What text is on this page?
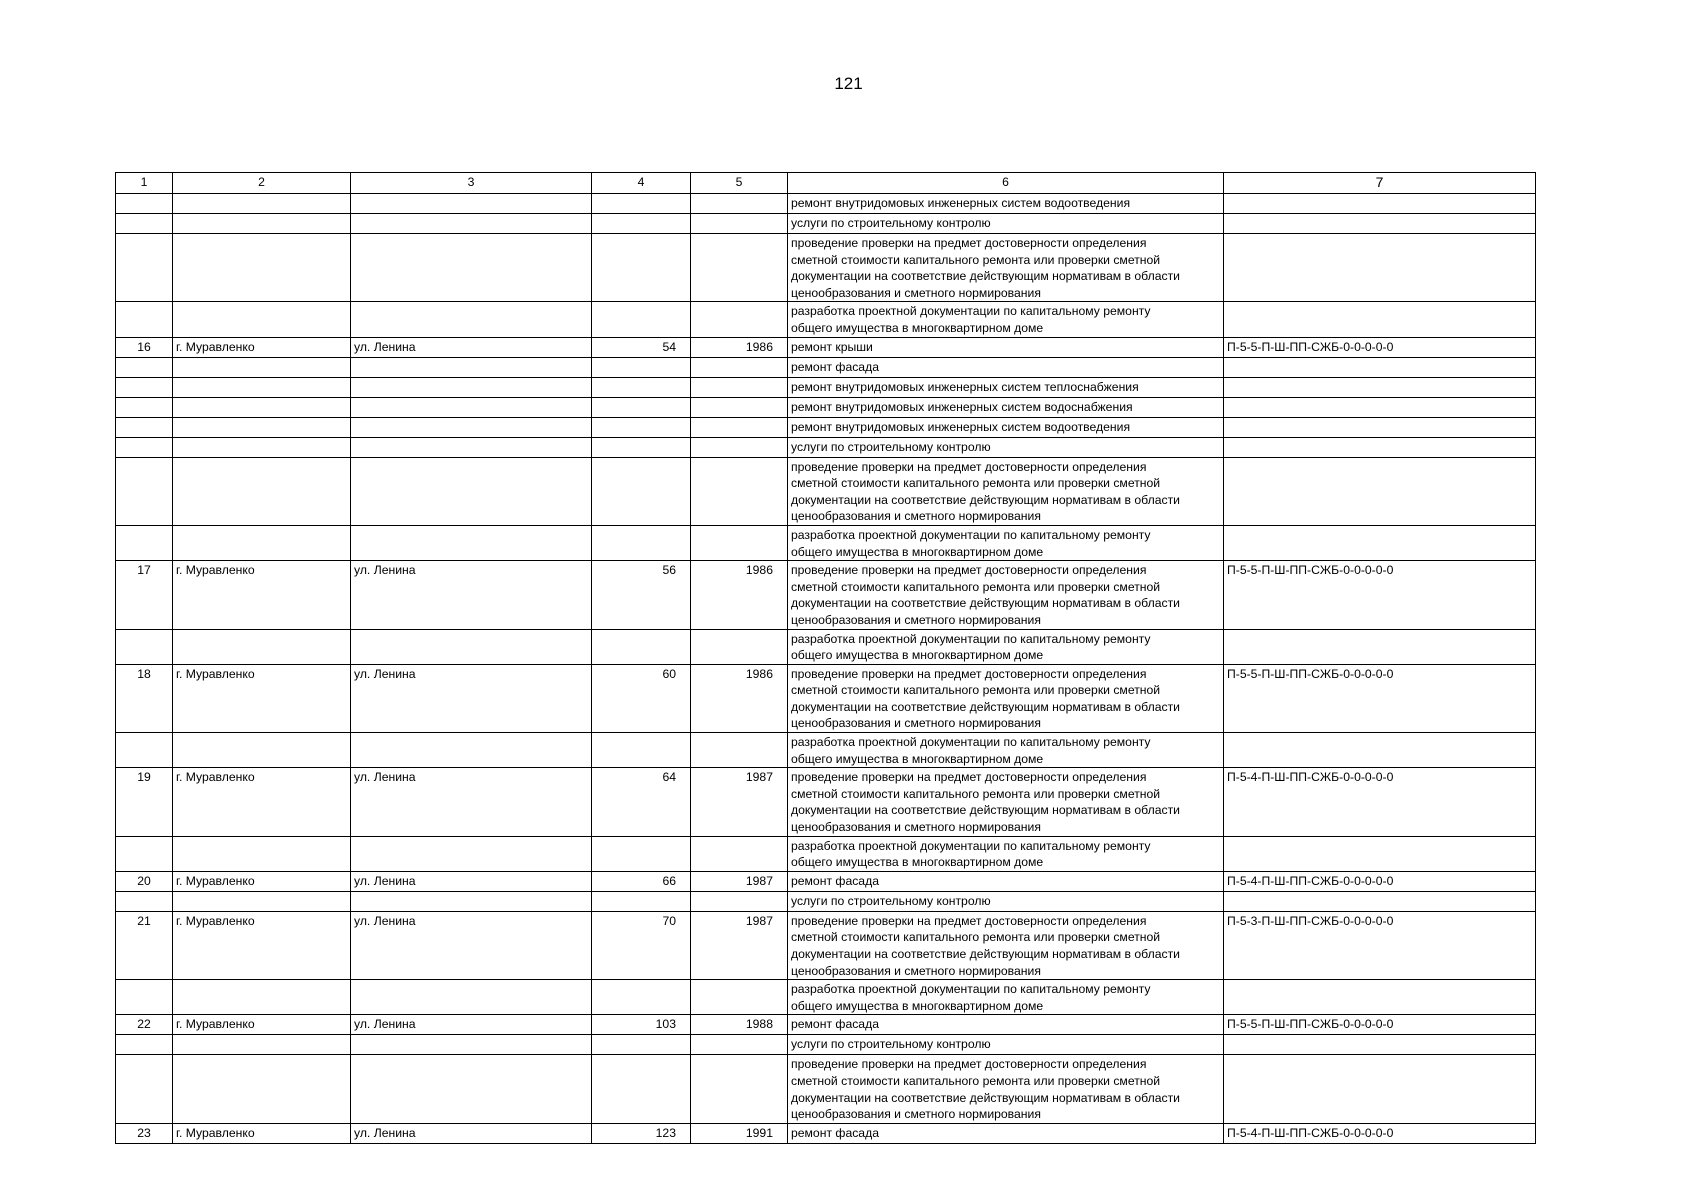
121
1	2	3	4	5	6	7

					ремонт внутридомовых инженерных систем водоотведения	

					услуги по строительному контролю	

					проведение проверки на предмет достоверности определения
сметной стоимости капитального ремонта или проверки сметной
документации на соответствие действующим нормативам в области
ценообразования и сметного нормирования	

					разработка проектной документации по капитальному ремонту
общего имущества в многоквартирном доме	

16	г. Муравленко	ул. Ленина	54	1986	ремонт крыши	П-5-5-П-Ш-ПП-СЖБ-0-0-0-0-0

					ремонт фасада	

					ремонт внутридомовых инженерных систем теплоснабжения	

					ремонт внутридомовых инженерных систем водоснабжения	

					ремонт внутридомовых инженерных систем водоотведения	

					услуги по строительному контролю	

					проведение проверки на предмет достоверности определения
сметной стоимости капитального ремонта или проверки сметной
документации на соответствие действующим нормативам в области
ценообразования и сметного нормирования	

					разработка проектной документации по капитальному ремонту
общего имущества в многоквартирном доме	

17	г. Муравленко	ул. Ленина	56	1986	проведение проверки на предмет достоверности определения
сметной стоимости капитального ремонта или проверки сметной
документации на соответствие действующим нормативам в области
ценообразования и сметного нормирования	П-5-5-П-Ш-ПП-СЖБ-0-0-0-0-0

					разработка проектной документации по капитальному ремонту
общего имущества в многоквартирном доме	

18	г. Муравленко	ул. Ленина	60	1986	проведение проверки на предмет достоверности определения
сметной стоимости капитального ремонта или проверки сметной
документации на соответствие действующим нормативам в области
ценообразования и сметного нормирования	П-5-5-П-Ш-ПП-СЖБ-0-0-0-0-0

					разработка проектной документации по капитальному ремонту
общего имущества в многоквартирном доме	

19	г. Муравленко	ул. Ленина	64	1987	проведение проверки на предмет достоверности определения
сметной стоимости капитального ремонта или проверки сметной
документации на соответствие действующим нормативам в области
ценообразования и сметного нормирования	П-5-4-П-Ш-ПП-СЖБ-0-0-0-0-0

					разработка проектной документации по капитальному ремонту
общего имущества в многоквартирном доме	

20	г. Муравленко	ул. Ленина	66	1987	ремонт фасада	П-5-4-П-Ш-ПП-СЖБ-0-0-0-0-0

					услуги по строительному контролю	

21	г. Муравленко	ул. Ленина	70	1987	проведение проверки на предмет достоверности определения
сметной стоимости капитального ремонта или проверки сметной
документации на соответствие действующим нормативам в области
ценообразования и сметного нормирования	П-5-3-П-Ш-ПП-СЖБ-0-0-0-0-0

					разработка проектной документации по капитальному ремонту
общего имущества в многоквартирном доме	

22	г. Муравленко	ул. Ленина	103	1988	ремонт фасада	П-5-5-П-Ш-ПП-СЖБ-0-0-0-0-0

					услуги по строительному контролю	

					проведение проверки на предмет достоверности определения
сметной стоимости капитального ремонта или проверки сметной
документации на соответствие действующим нормативам в области
ценообразования и сметного нормирования	

23	г. Муравленко	ул. Ленина	123	1991	ремонт фасада	П-5-4-П-Ш-ПП-СЖБ-0-0-0-0-0
